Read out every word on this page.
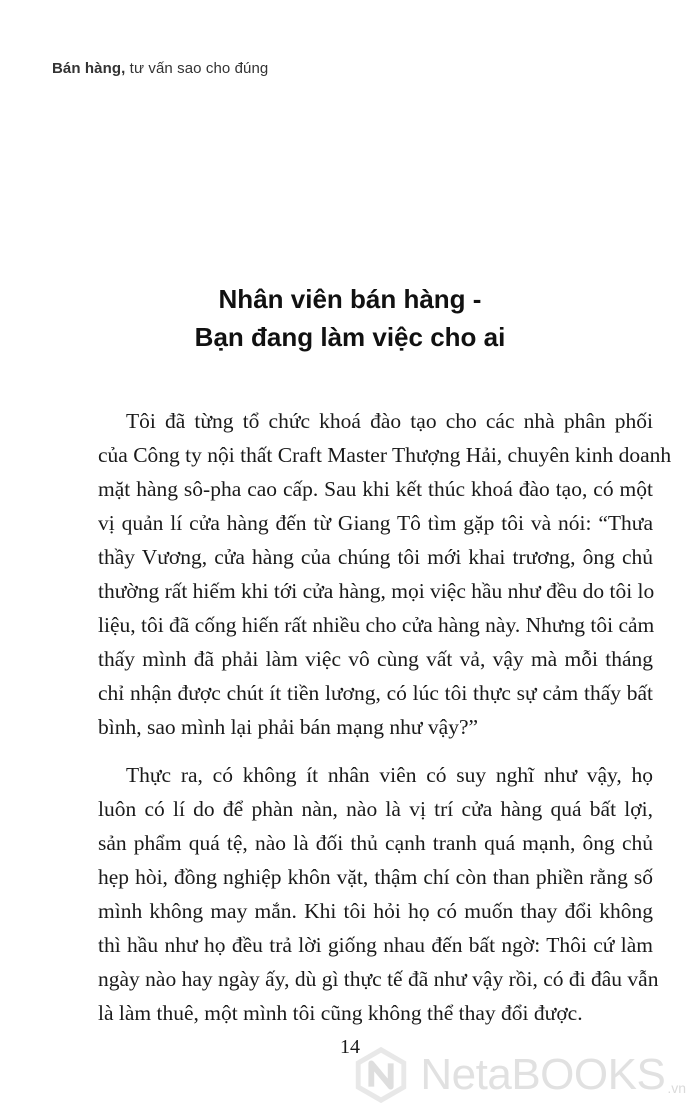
Bán hàng, tư vấn sao cho đúng
Nhân viên bán hàng -
Bạn đang làm việc cho ai
Tôi đã từng tổ chức khoá đào tạo cho các nhà phân phối
của Công ty nội thất Craft Master Thượng Hải, chuyên kinh doanh
mặt hàng sô-pha cao cấp. Sau khi kết thúc khoá đào tạo, có một
vị quản lí cửa hàng đến từ Giang Tô tìm gặp tôi và nói: “Thưa
thầy Vương, cửa hàng của chúng tôi mới khai trương, ông chủ
thường rất hiếm khi tới cửa hàng, mọi việc hầu như đều do tôi lo
liệu, tôi đã cống hiến rất nhiều cho cửa hàng này. Nhưng tôi cảm
thấy mình đã phải làm việc vô cùng vất vả, vậy mà mỗi tháng
chỉ nhận được chút ít tiền lương, có lúc tôi thực sự cảm thấy bất
bình, sao mình lại phải bán mạng như vậy?”
Thực ra, có không ít nhân viên có suy nghĩ như vậy, họ
luôn có lí do để phàn nàn, nào là vị trí cửa hàng quá bất lợi,
sản phẩm quá tệ, nào là đối thủ cạnh tranh quá mạnh, ông chủ
hẹp hòi, đồng nghiệp khôn vặt, thậm chí còn than phiền rằng số
mình không may mắn. Khi tôi hỏi họ có muốn thay đổi không
thì hầu như họ đều trả lời giống nhau đến bất ngờ: Thôi cứ làm
ngày nào hay ngày ấy, dù gì thực tế đã như vậy rồi, có đi đâu vẫn
là làm thuê, một mình tôi cũng không thể thay đổi được.
14
NetaBOOKS .vn
